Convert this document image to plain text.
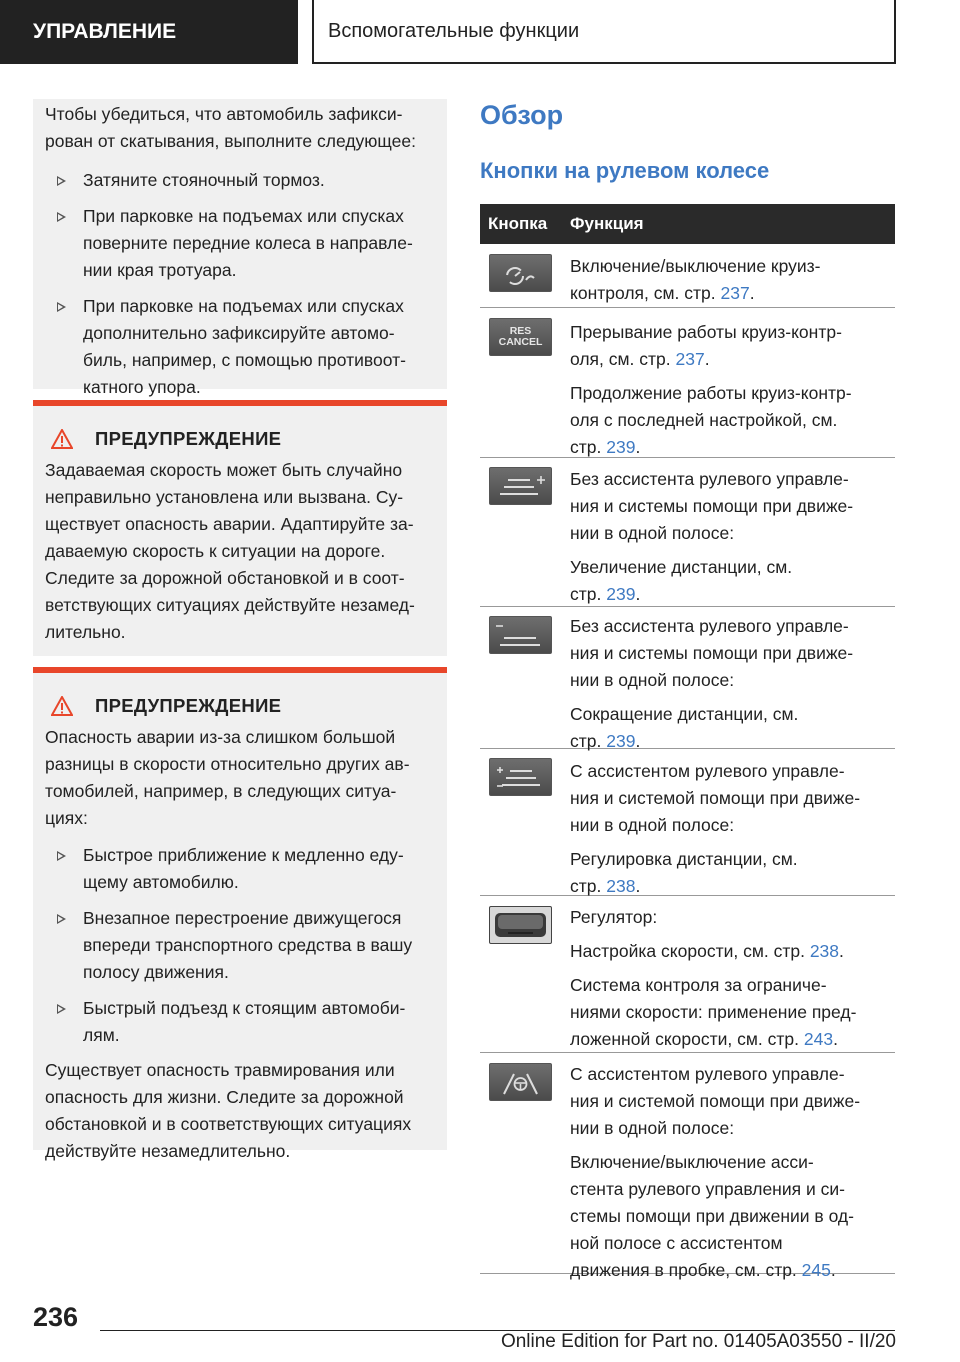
УПРАВЛЕНИЕ	Вспомогательные функции

Чтобы убедиться, что автомобиль зафикси-

рован от скатывания, выполните следующее:

Затяните стояночный тормоз.
При парковке на подъемах или спусках
поверните передние колеса в направле-
нии края тротуара.
При парковке на подъемах или спусках
дополнительно зафиксируйте автомо-
биль, например, с помощью противоот-
катного упора.
ПРЕДУПРЕЖДЕНИЕ

Задаваемая скорость может быть случайно

неправильно установлена или вызвана. Су-

ществует опасность аварии. Адаптируйте за-

даваемую скорость к ситуации на дороге.

Следите за дорожной обстановкой и в соот-

ветствующих ситуациях действуйте незамед-

лительно.

ПРЕДУПРЕЖДЕНИЕ

Опасность аварии из-за слишком большой

разницы в скорости относительно других ав-

томобилей, например, в следующих ситуа-

циях:

Быстрое приближение к медленно еду-
щему автомобилю.
Внезапное перестроение движущегося
впереди транспортного средства в вашу
полосу движения.
Быстрый подъезд к стоящим автомоби-
лям.

Существует опасность травмирования или

опасность для жизни. Следите за дорожной

обстановкой и в соответствующих ситуациях

действуйте незамедлительно.

Обзор
Кнопки на рулевом колесе
Кнопка Функция

Включение/выключение круиз-
контроля, см. стр. 237.

RES
CANCEL Прерывание работы круиз-контр-
оля, см. стр. 237.

Продолжение работы круиз-контр-
оля с последней настройкой, см.
стр. 239.

Без ассистента рулевого управле-
ния и системы помощи при движе-
нии в одной полосе:

Увеличение дистанции, см.
стр. 239.

Без ассистента рулевого управле-
ния и системы помощи при движе-
нии в одной полосе:

Сокращение дистанции, см.
стр. 239.

С ассистентом рулевого управле-
ния и системой помощи при движе-
нии в одной полосе:

Регулировка дистанции, см.
стр. 238.

Регулятор:

Настройка скорости, см. стр. 238.

Система контроля за ограниче-
ниями скорости: применение пред-
ложенной скорости, см. стр. 243.

С ассистентом рулевого управле-
ния и системой помощи при движе-
нии в одной полосе:

Включение/выключение асси-
стента рулевого управления и си-
стемы помощи при движении в од-
ной полосе с ассистентом
движения в пробке, см. стр. 245.

236
Online Edition for Part no. 01405A03550 - II/20
